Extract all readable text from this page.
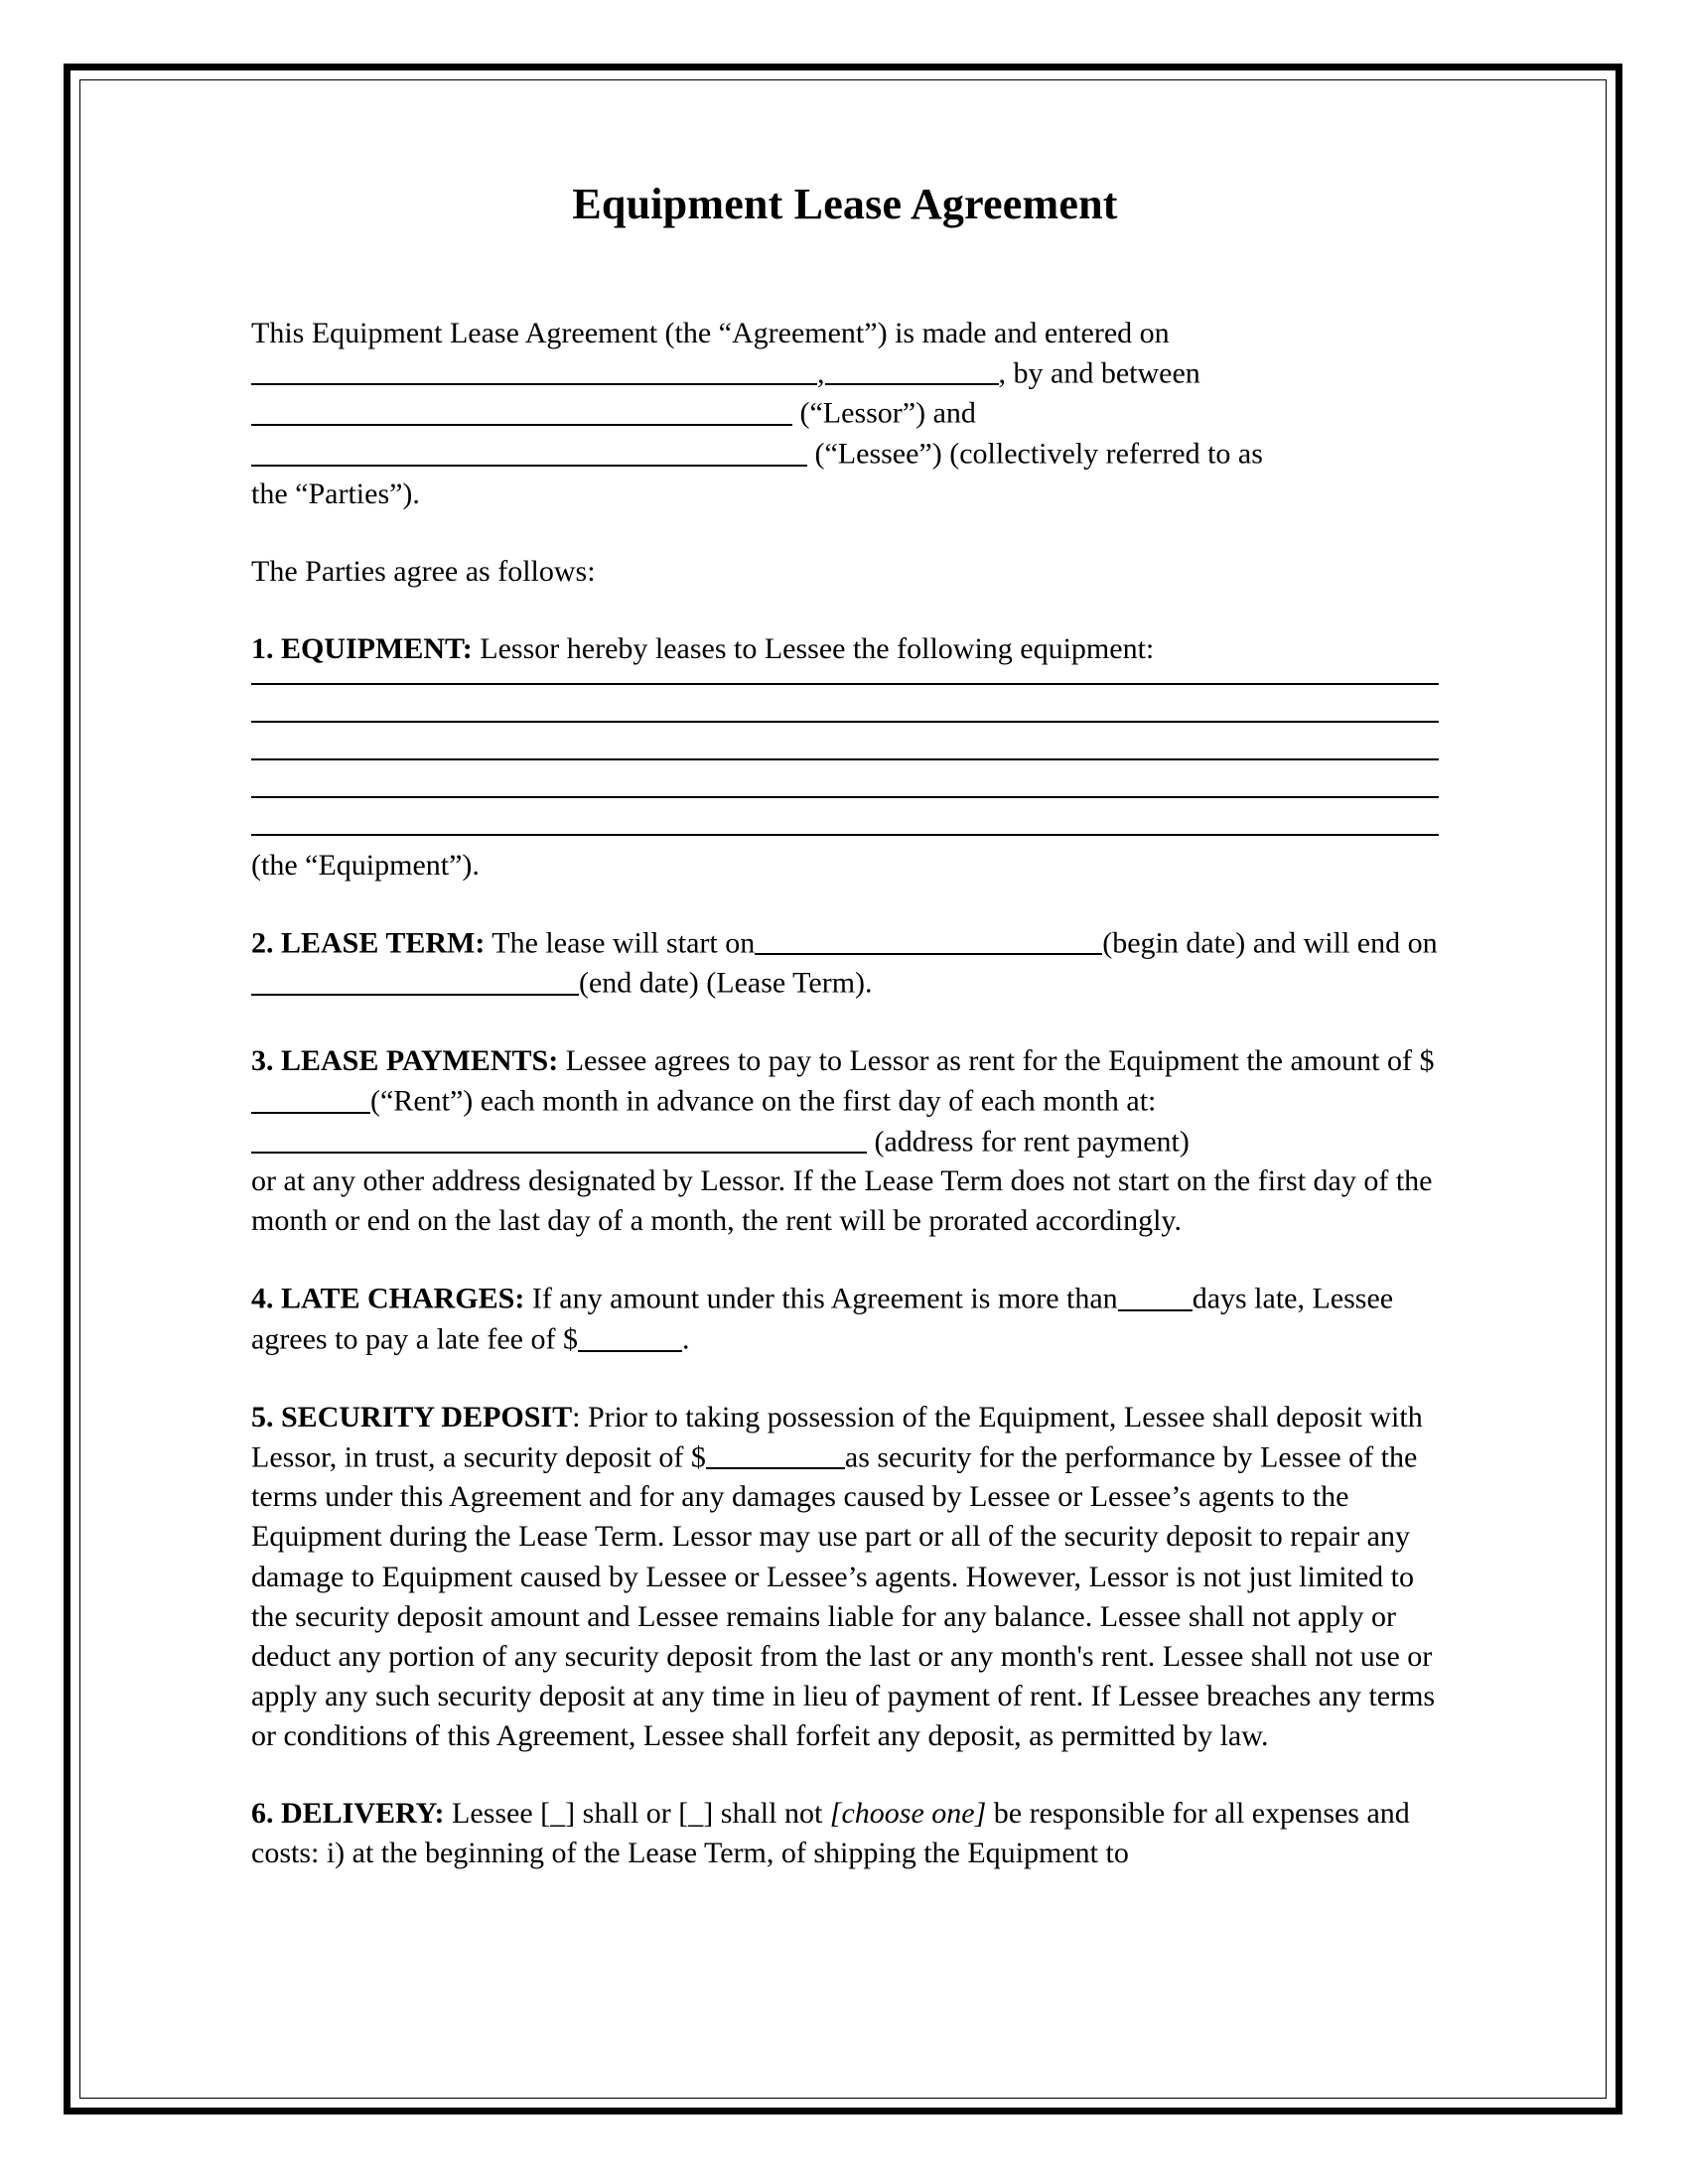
Equipment Lease Agreement

This Equipment Lease Agreement (the “Agreement”) is made and entered on ,	, by and between
(“Lessor”) and
(“Lessee”) (collectively referred to as
the “Parties”).

The Parties agree as follows:

1. EQUIPMENT: Lessor hereby leases to Lessee the following equipment:

(the “Equipment”).

2. LEASE TERM: The lease will start on	(begin date) and will end on(end date) (Lease Term).

3. LEASE PAYMENTS: Lessee agrees to pay to Lessor as rent for the Equipment the amount of $(“Rent”) each month in advance on the first day of each month at:
(address for rent payment)
or at any other address designated by Lessor. If the Lease Term does not start on the first day of the month or end on the last day of a month, the rent will be prorated accordingly.

4. LATE CHARGES: If any amount under this Agreement is more than	days late, Lessee agrees to pay a late fee of $	.

5. SECURITY DEPOSIT: Prior to taking possession of the Equipment, Lessee shall deposit with Lessor, in trust, a security deposit of $	as security for the performance by Lessee of the terms under this Agreement and for any damages caused by Lessee or Lessee’s agents to the Equipment during the Lease Term. Lessor may use part or all of the security deposit to repair any damage to Equipment caused by Lessee or Lessee’s agents. However, Lessor is not just limited to the security deposit amount and Lessee remains liable for any balance. Lessee shall not apply or deduct any portion of any security deposit from the last or any month's rent. Lessee shall not use or apply any such security deposit at any time in lieu of payment of rent. If Lessee breaches any terms or conditions of this Agreement, Lessee shall forfeit any deposit, as permitted by law.

6. DELIVERY: Lessee [_] shall or [_] shall not [choose one] be responsible for all expenses and costs: i) at the beginning of the Lease Term, of shipping the Equipment to
